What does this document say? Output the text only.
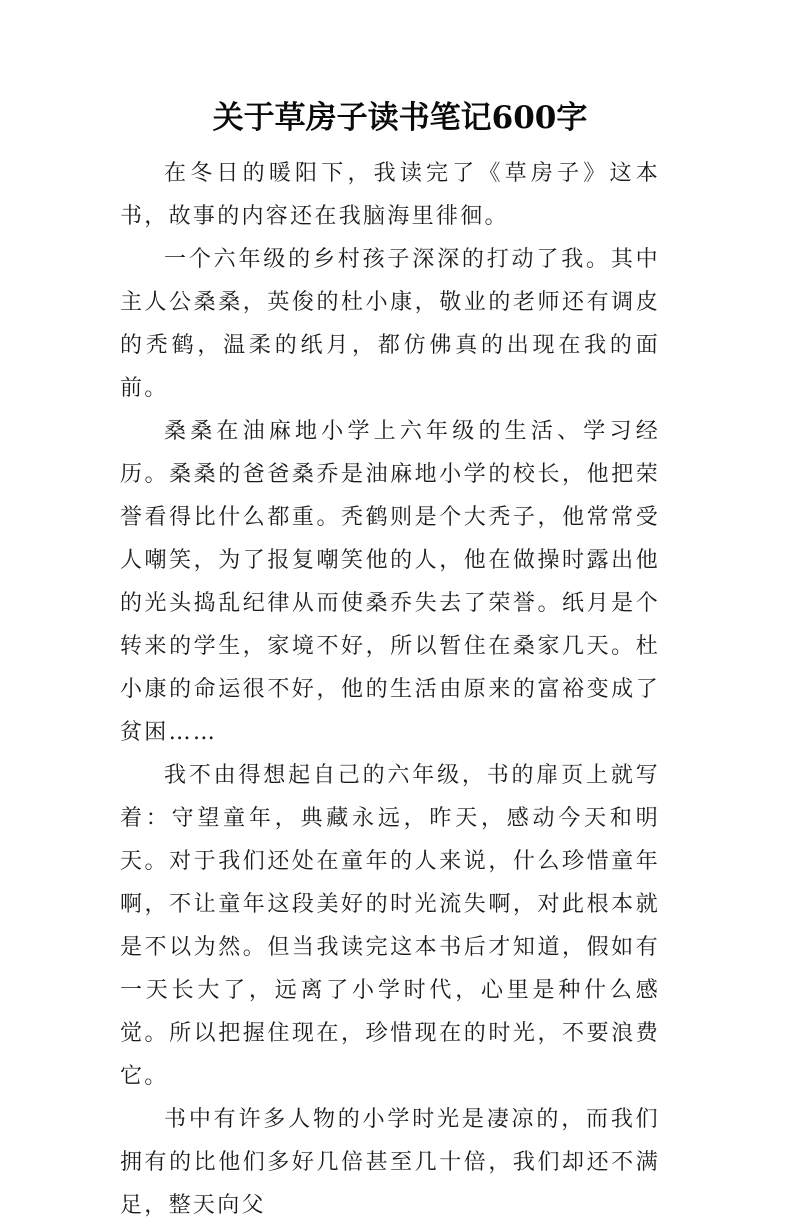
关于草房子读书笔记600字

在冬日的暖阳下，我读完了《草房子》这本书，故事的内容还在我脑海里徘徊。

一个六年级的乡村孩子深深的打动了我。其中主人公桑桑，英俊的杜小康，敬业的老师还有调皮的秃鹤，温柔的纸月，都仿佛真的出现在我的面前。

桑桑在油麻地小学上六年级的生活、学习经历。桑桑的爸爸桑乔是油麻地小学的校长，他把荣誉看得比什么都重。秃鹤则是个大秃子，他常常受人嘲笑，为了报复嘲笑他的人，他在做操时露出他的光头捣乱纪律从而使桑乔失去了荣誉。纸月是个转来的学生，家境不好，所以暂住在桑家几天。杜小康的命运很不好，他的生活由原来的富裕变成了贫困……

我不由得想起自己的六年级，书的扉页上就写着：守望童年，典藏永远，昨天，感动今天和明天。对于我们还处在童年的人来说，什么珍惜童年啊，不让童年这段美好的时光流失啊，对此根本就是不以为然。但当我读完这本书后才知道，假如有一天长大了，远离了小学时代，心里是种什么感觉。所以把握住现在，珍惜现在的时光，不要浪费它。

书中有许多人物的小学时光是凄凉的，而我们拥有的比他们多好几倍甚至几十倍，我们却还不满足，整天向父
